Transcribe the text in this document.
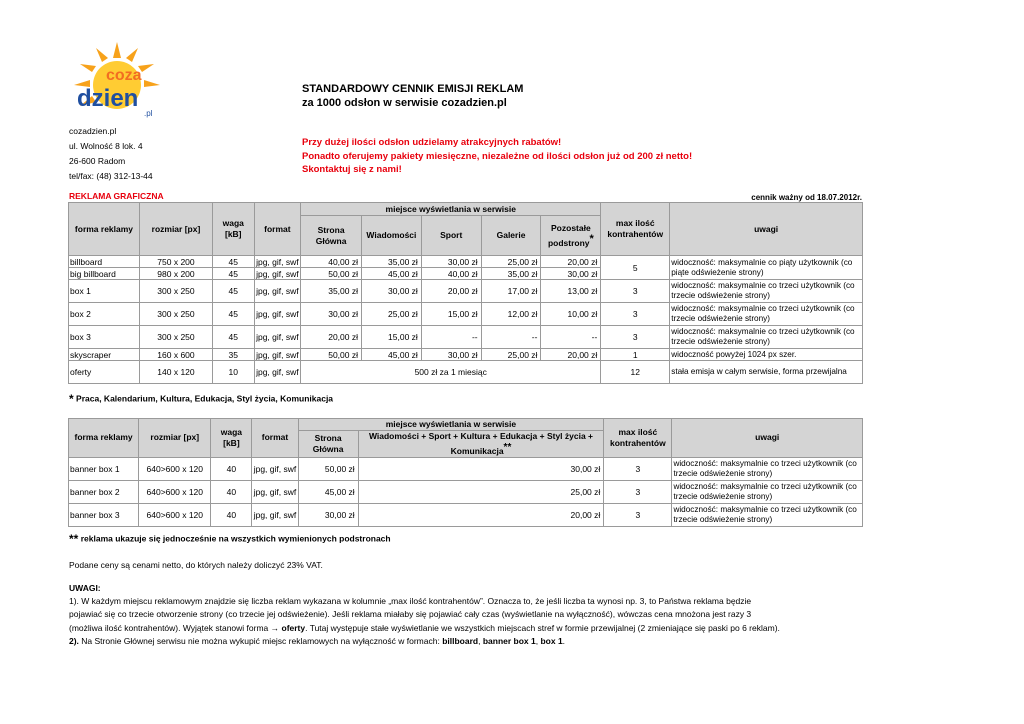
coza
dzien
.pl
STANDARDOWY CENNIK EMISJI REKLAM
za 1000 odsłon w serwisie cozadzien.pl
cozadzien.pl
ul. Wolność 8 lok. 4
26-600 Radom
tel/fax: (48) 312-13-44
Przy dużej ilości odsłon udzielamy atrakcyjnych rabatów!
Ponadto oferujemy pakiety miesięczne, niezależne od ilości odsłon już od 200 zł netto!
Skontaktuj się z nami!
REKLAMA GRAFICZNA	cennik ważny od 18.07.2012r.
forma reklamy	rozmiar [px]	waga [kB]	format	miejsce wyświetlania w serwisie					max ilość kontrahentów	uwagi
				Strona Główna	Wiadomości	Sport	Galerie	Pozostałe podstrony*
billboard	750 x 200	45	jpg, gif, swf	40,00 zł	35,00 zł	30,00 zł	25,00 zł	20,00 zł	5	widoczność: maksymalnie co piąty użytkownik (co piąte odświeżenie strony)
big billboard	980 x 200	45	jpg, gif, swf	50,00 zł	45,00 zł	40,00 zł	35,00 zł	30,00 zł		
box 1	300 x 250	45	jpg, gif, swf	35,00 zł	30,00 zł	20,00 zł	17,00 zł	13,00 zł	3	widoczność: maksymalnie co trzeci użytkownik (co trzecie odświeżenie strony)
box 2	300 x 250	45	jpg, gif, swf	30,00 zł	25,00 zł	15,00 zł	12,00 zł	10,00 zł	3	widoczność: maksymalnie co trzeci użytkownik (co trzecie odświeżenie strony)
box 3	300 x 250	45	jpg, gif, swf	20,00 zł	15,00 zł	--	--	--	3	widoczność: maksymalnie co trzeci użytkownik (co trzecie odświeżenie strony)
skyscraper	160 x 600	35	jpg, gif, swf	50,00 zł	45,00 zł	30,00 zł	25,00 zł	20,00 zł	1	widoczność powyżej 1024 px szer.
oferty	140 x 120	10	jpg, gif, swf	500 zł za 1 miesiąc					12	stała emisja w całym serwisie, forma przewijalna
* Praca, Kalendarium, Kultura, Edukacja, Styl życia, Komunikacja
forma reklamy	rozmiar [px]	waga [kB]	format	miejsce wyświetlania w serwisie		max ilość kontrahentów	uwagi
				Strona Główna	Wiadomości + Sport + Kultura + Edukacja + Styl życia + Komunikacja**
banner box 1	640>600 x 120	40	jpg, gif, swf	50,00 zł	30,00 zł	3	widoczność: maksymalnie co trzeci użytkownik (co trzecie odświeżenie strony)
banner box 2	640>600 x 120	40	jpg, gif, swf	45,00 zł	25,00 zł	3	widoczność: maksymalnie co trzeci użytkownik (co trzecie odświeżenie strony)
banner box 3	640>600 x 120	40	jpg, gif, swf	30,00 zł	20,00 zł	3	widoczność: maksymalnie co trzeci użytkownik (co trzecie odświeżenie strony)
** reklama ukazuje się jednocześnie na wszystkich wymienionych podstronach
Podane ceny są cenami netto, do których należy doliczyć 23% VAT.
UWAGI:
1). W każdym miejscu reklamowym znajdzie się liczba reklam wykazana w kolumnie „max ilość kontrahentów”. Oznacza to, że jeśli liczba ta wynosi np. 3, to Państwa reklama będzie
pojawiać się co trzecie otworzenie strony (co trzecie jej odświeżenie). Jeśli reklama miałaby się pojawiać cały czas (wyświetlanie na wyłączność), wówczas cena mnożona jest razy 3
(możliwa ilość kontrahentów). Wyjątek stanowi forma → oferty. Tutaj występuje stałe wyświetlanie we wszystkich miejscach stref w formie przewijalnej (2 zmieniające się paski po 6 reklam).
2). Na Stronie Głównej serwisu nie można wykupić miejsc reklamowych na wyłączność w formach: billboard, banner box 1, box 1.
